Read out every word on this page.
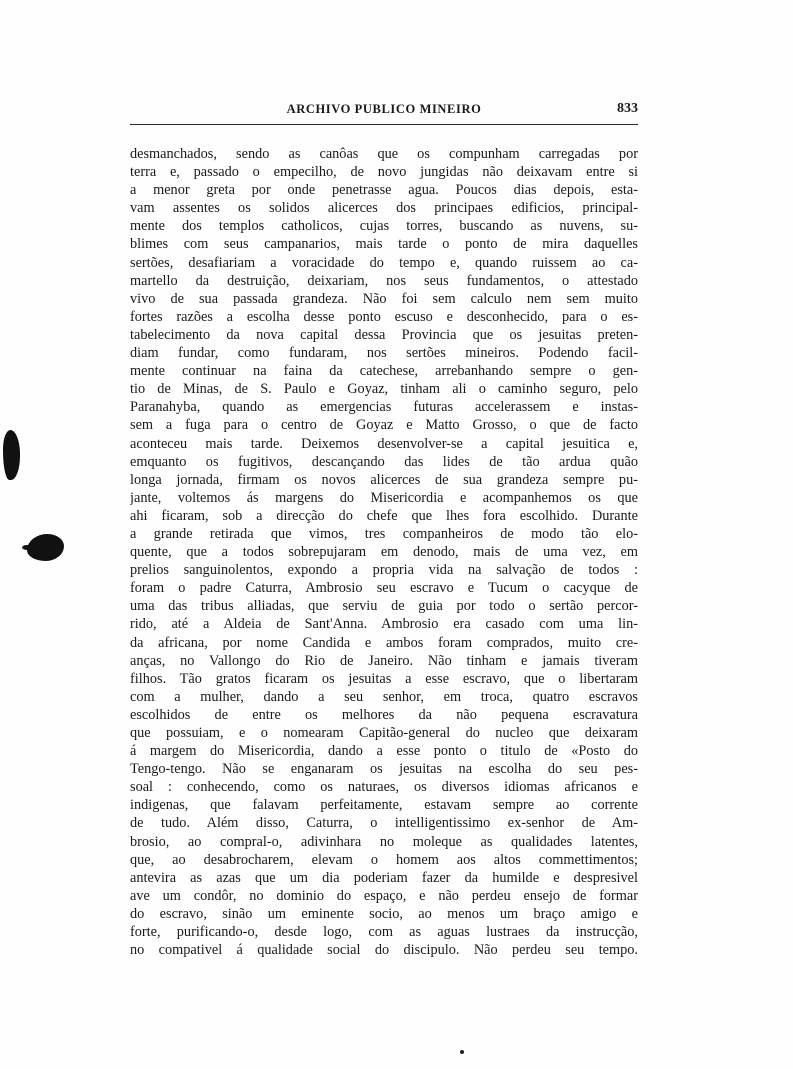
ARCHIVO PUBLICO MINEIRO	833
desmanchados, sendo as canôas que os compunham carregadas por
terra e, passado o empecilho, de novo jungidas não deixavam entre si
a menor greta por onde penetrasse agua. Poucos dias depois, esta-
vam assentes os solidos alicerces dos principaes edificios, principal-
mente dos templos catholicos, cujas torres, buscando as nuvens, su-
blimes com seus campanarios, mais tarde o ponto de mira daquelles
sertões, desafiariam a voracidade do tempo e, quando ruissem ao ca-
martello da destruição, deixariam, nos seus fundamentos, o attestado
vivo de sua passada grandeza. Não foi sem calculo nem sem muito
fortes razões a escolha desse ponto escuso e desconhecido, para o es-
tabelecimento da nova capital dessa Provincia que os jesuitas preten-
diam fundar, como fundaram, nos sertões mineiros. Podendo facil-
mente continuar na faina da catechese, arrebanhando sempre o gen-
tio de Minas, de S. Paulo e Goyaz, tinham ali o caminho seguro, pelo
Paranahyba, quando as emergencias futuras accelerassem e instas-
sem a fuga para o centro de Goyaz e Matto Grosso, o que de facto
aconteceu mais tarde. Deixemos desenvolver-se a capital jesuitica e,
emquanto os fugitivos, descançando das lides de tão ardua quão
longa jornada, firmam os novos alicerces de sua grandeza sempre pu-
jante, voltemos ás margens do Misericordia e acompanhemos os que
ahi ficaram, sob a direcção do chefe que lhes fora escolhido. Durante
a grande retirada que vimos, tres companheiros de modo tão elo-
quente, que a todos sobrepujaram em denodo, mais de uma vez, em
prelios sanguinolentos, expondo a propria vida na salvação de todos :
foram o padre Caturra, Ambrosio seu escravo e Tucum o cacyque de
uma das tribus alliadas, que serviu de guia por todo o sertão percor-
rido, até a Aldeia de Sant'Anna. Ambrosio era casado com uma lin-
da africana, por nome Candida e ambos foram comprados, muito cre-
anças, no Vallongo do Rio de Janeiro. Não tinham e jamais tiveram
filhos. Tão gratos ficaram os jesuitas a esse escravo, que o libertaram
com a mulher, dando a seu senhor, em troca, quatro escravos
escolhidos de entre os melhores da não pequena escravatura
que possuiam, e o nomearam Capitão-general do nucleo que deixaram
á margem do Misericordia, dando a esse ponto o titulo de «Posto do
Tengo-tengo. Não se enganaram os jesuitas na escolha do seu pes-
soal : conhecendo, como os naturaes, os diversos idiomas africanos e
indigenas, que falavam perfeitamente, estavam sempre ao corrente
de tudo. Além disso, Caturra, o intelligentissimo ex-senhor de Am-
brosio, ao compral-o, adivinhara no moleque as qualidades latentes,
que, ao desabrocharem, elevam o homem aos altos commettimentos;
antevira as azas que um dia poderiam fazer da humilde e despresivel
ave um condôr, no dominio do espaço, e não perdeu ensejo de formar
do escravo, sinão um eminente socio, ao menos um braço amigo e
forte, purificando-o, desde logo, com as aguas lustraes da instrucção,
no compativel á qualidade social do discipulo. Não perdeu seu tempo.
